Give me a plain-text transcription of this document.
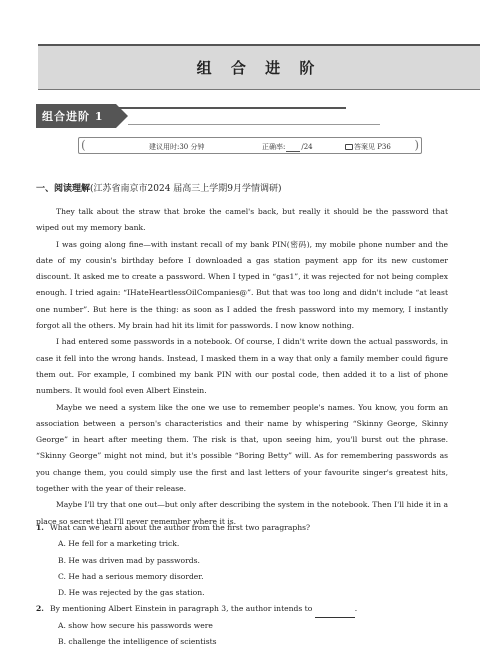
组 合 进 阶
组合进阶 1
(	建议用时:30 分钟	正确率: /24	答案见 P36 )
一、阅读理解(江苏省南京市2024 届高三上学期9月学情调研)

They talk about the straw that broke the camel's back, but really it should be the password that wiped out my memory bank.

I was going along fine—with instant recall of my bank PIN(密码), my mobile phone number and the date of my cousin's birthday before I downloaded a gas station payment app for its new customer discount. It asked me to create a password. When I typed in “gas1”, it was rejected for not being complex enough. I tried again: “IHateHeartlessOilCompanies@”. But that was too long and didn't include “at least one number”. But here is the thing: as soon as I added the fresh password into my memory, I instantly forgot all the others. My brain had hit its limit for passwords. I now know nothing.

I had entered some passwords in a notebook. Of course, I didn't write down the actual passwords, in case it fell into the wrong hands. Instead, I masked them in a way that only a family member could figure them out. For example, I combined my bank PIN with our postal code, then added it to a list of phone numbers. It would fool even Albert Einstein.

Maybe we need a system like the one we use to remember people's names. You know, you form an association between a person's characteristics and their name by whispering “Skinny George, Skinny George” in heart after meeting them. The risk is that, upon seeing him, you'll burst out the phrase. “Skinny George” might not mind, but it's possible “Boring Betty” will. As for remembering passwords as you change them, you could simply use the first and last letters of your favourite singer's greatest hits, together with the year of their release.

Maybe I'll try that one out—but only after describing the system in the notebook. Then I'll hide it in a place so secret that I'll never remember where it is.

1. What can we learn about the author from the first two paragraphs?
A. He fell for a marketing trick.
B. He was driven mad by passwords.
C. He had a serious memory disorder.
D. He was rejected by the gas station.
2. By mentioning Albert Einstein in paragraph 3, the author intends to	.
A. show how secure his passwords were
B. challenge the intelligence of scientists
